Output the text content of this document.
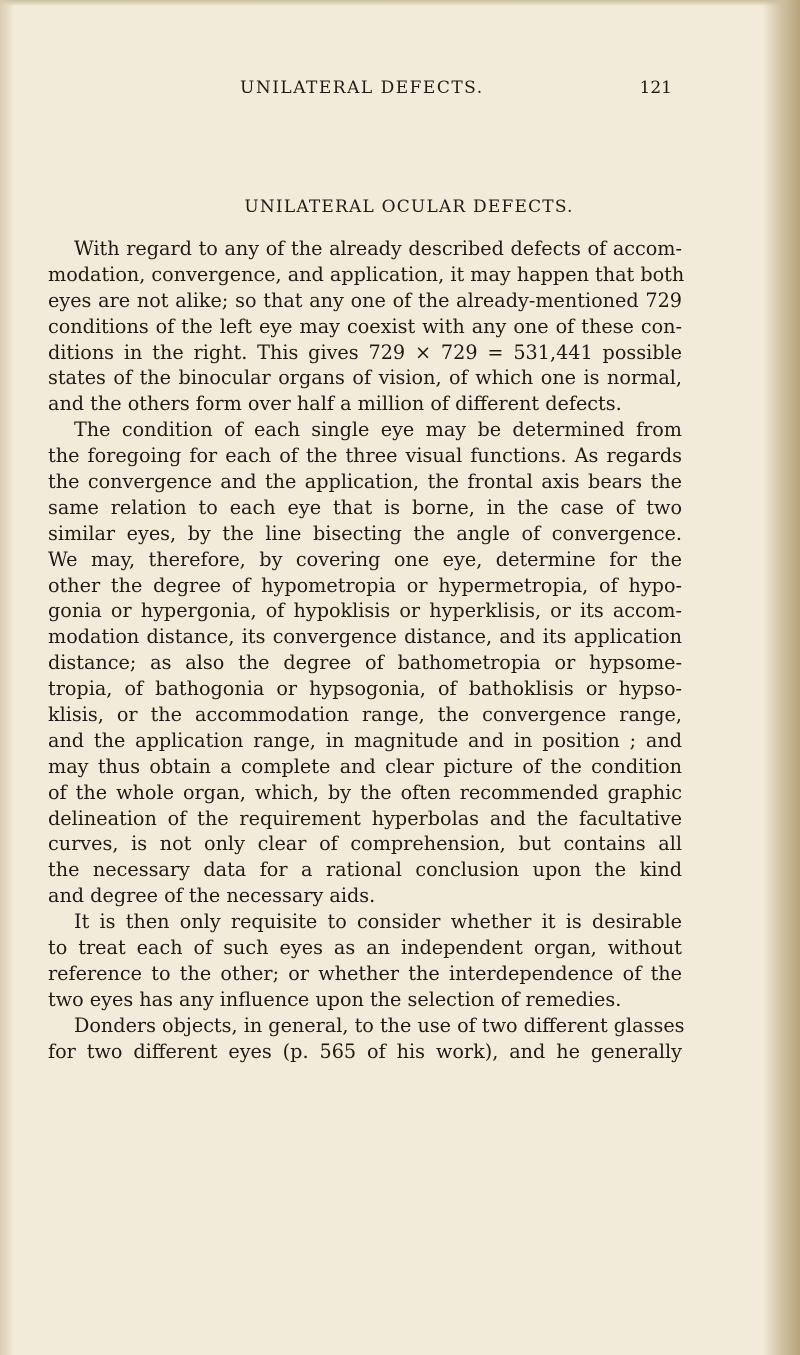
UNILATERAL DEFECTS.	121
UNILATERAL OCULAR DEFECTS.
With regard to any of the already described defects of accom-
modation, convergence, and application, it may happen that both
eyes are not alike; so that any one of the already-mentioned 729
conditions of the left eye may coexist with any one of these con-
ditions in the right. This gives 729 × 729 = 531,441 possible
states of the binocular organs of vision, of which one is normal,
and the others form over half a million of different defects.
The condition of each single eye may be determined from
the foregoing for each of the three visual functions. As regards
the convergence and the application, the frontal axis bears the
same relation to each eye that is borne, in the case of two
similar eyes, by the line bisecting the angle of convergence.
We may, therefore, by covering one eye, determine for the
other the degree of hypometropia or hypermetropia, of hypo-
gonia or hypergonia, of hypoklisis or hyperklisis, or its accom-
modation distance, its convergence distance, and its application
distance; as also the degree of bathometropia or hypsome-
tropia, of bathogonia or hypsogonia, of bathoklisis or hypso-
klisis, or the accommodation range, the convergence range,
and the application range, in magnitude and in position ; and
may thus obtain a complete and clear picture of the condition
of the whole organ, which, by the often recommended graphic
delineation of the requirement hyperbolas and the facultative
curves, is not only clear of comprehension, but contains all
the necessary data for a rational conclusion upon the kind
and degree of the necessary aids.
It is then only requisite to consider whether it is desirable
to treat each of such eyes as an independent organ, without
reference to the other; or whether the interdependence of the
two eyes has any influence upon the selection of remedies.
Donders objects, in general, to the use of two different glasses
for two different eyes (p. 565 of his work), and he generally
